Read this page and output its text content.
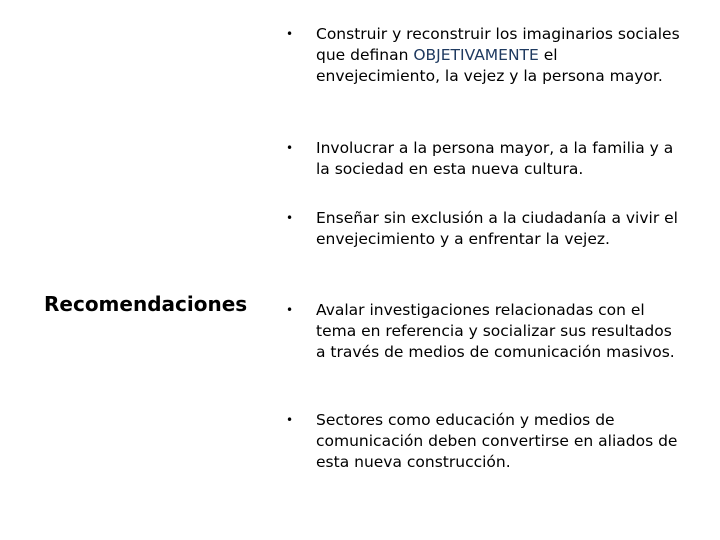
Recomendaciones
•	Construir y reconstruir los imaginarios sociales que definan OBJETIVAMENTE el envejecimiento, la vejez y la persona mayor.
•	Involucrar a la persona mayor, a la familia y a la sociedad en esta nueva cultura.
•	Enseñar sin exclusión a la ciudadanía a vivir el envejecimiento y a enfrentar la vejez.
•	Avalar investigaciones relacionadas con el tema en referencia y socializar sus resultados a través de medios de comunicación masivos.
•	Sectores como educación y medios de comunicación deben convertirse en aliados de esta nueva construcción.
